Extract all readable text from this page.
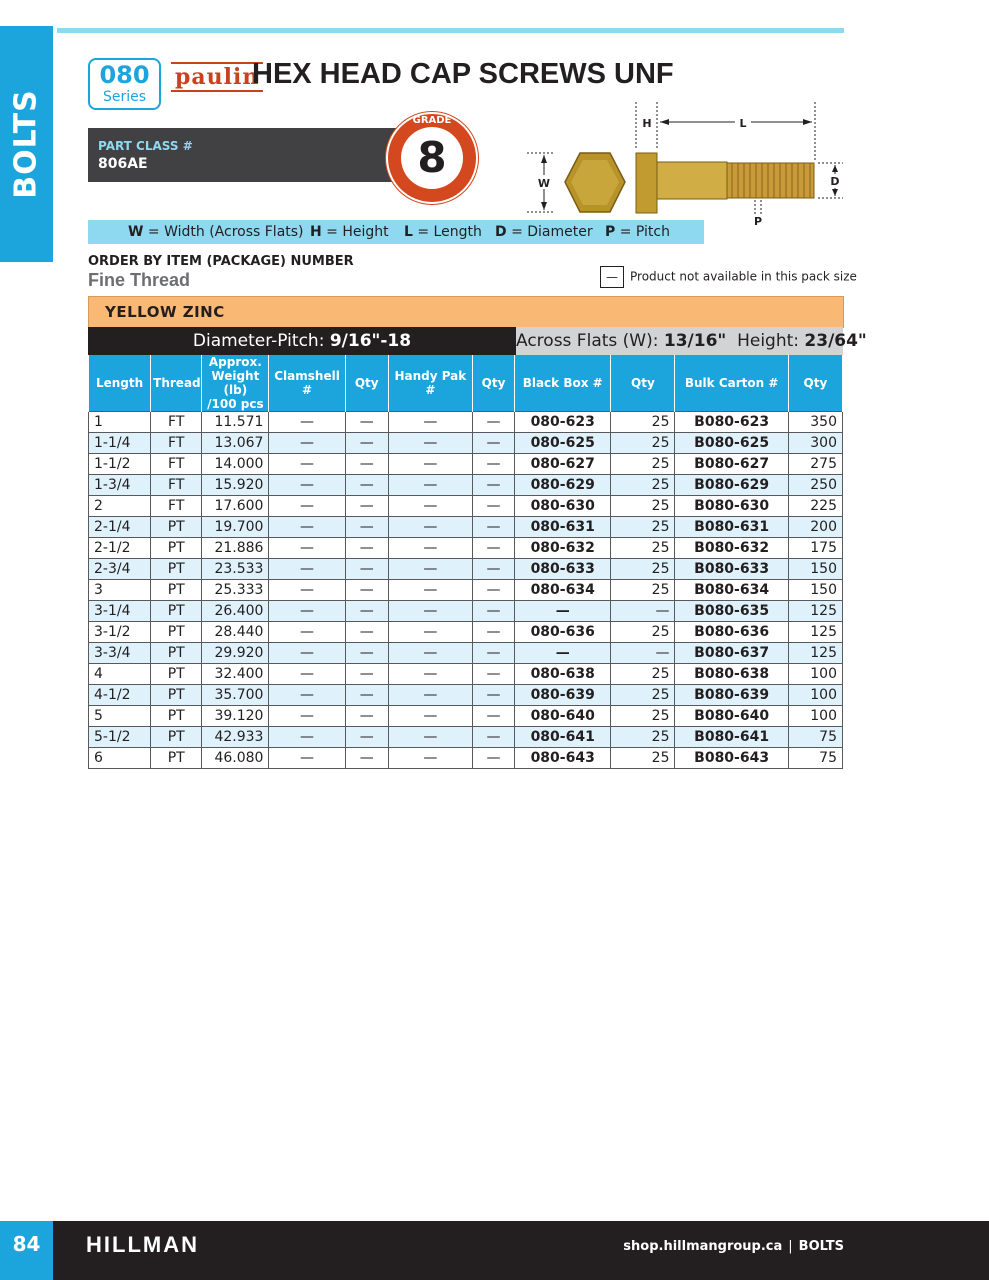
BOLTS
080
Series
paulin
HEX HEAD CAP SCREWS UNF
PART CLASS #
806AE
GRADE
8
H	L
W	D
P
W = Width (Across Flats) H = Height L = Length D = Diameter P = Pitch
ORDER BY ITEM (PACKAGE) NUMBER
Fine Thread	— Product not available in this pack size
YELLOW ZINC
Diameter-Pitch: 9/16"-18	Across Flats (W): 13/16" Height: 23/64"
Length	Thread	Approx.
Weight (lb)
/100 pcs	Clamshell #	Qty	Handy Pak #	Qty	Black Box #	Qty	Bulk Carton #	Qty
1	FT	11.571	—	—	—	—	080-623	25	B080-623	350
1-1/4	FT	13.067	—	—	—	—	080-625	25	B080-625	300
1-1/2	FT	14.000	—	—	—	—	080-627	25	B080-627	275
1-3/4	FT	15.920	—	—	—	—	080-629	25	B080-629	250
2	FT	17.600	—	—	—	—	080-630	25	B080-630	225
2-1/4	PT	19.700	—	—	—	—	080-631	25	B080-631	200
2-1/2	PT	21.886	—	—	—	—	080-632	25	B080-632	175
2-3/4	PT	23.533	—	—	—	—	080-633	25	B080-633	150
3	PT	25.333	—	—	—	—	080-634	25	B080-634	150
3-1/4	PT	26.400	—	—	—	—	—	—	B080-635	125
3-1/2	PT	28.440	—	—	—	—	080-636	25	B080-636	125
3-3/4	PT	29.920	—	—	—	—	—	—	B080-637	125
4	PT	32.400	—	—	—	—	080-638	25	B080-638	100
4-1/2	PT	35.700	—	—	—	—	080-639	25	B080-639	100
5	PT	39.120	—	—	—	—	080-640	25	B080-640	100
5-1/2	PT	42.933	—	—	—	—	080-641	25	B080-641	75
6	PT	46.080	—	—	—	—	080-643	25	B080-643	75
84	HILLMAN	shop.hillmangroup.ca | BOLTS
